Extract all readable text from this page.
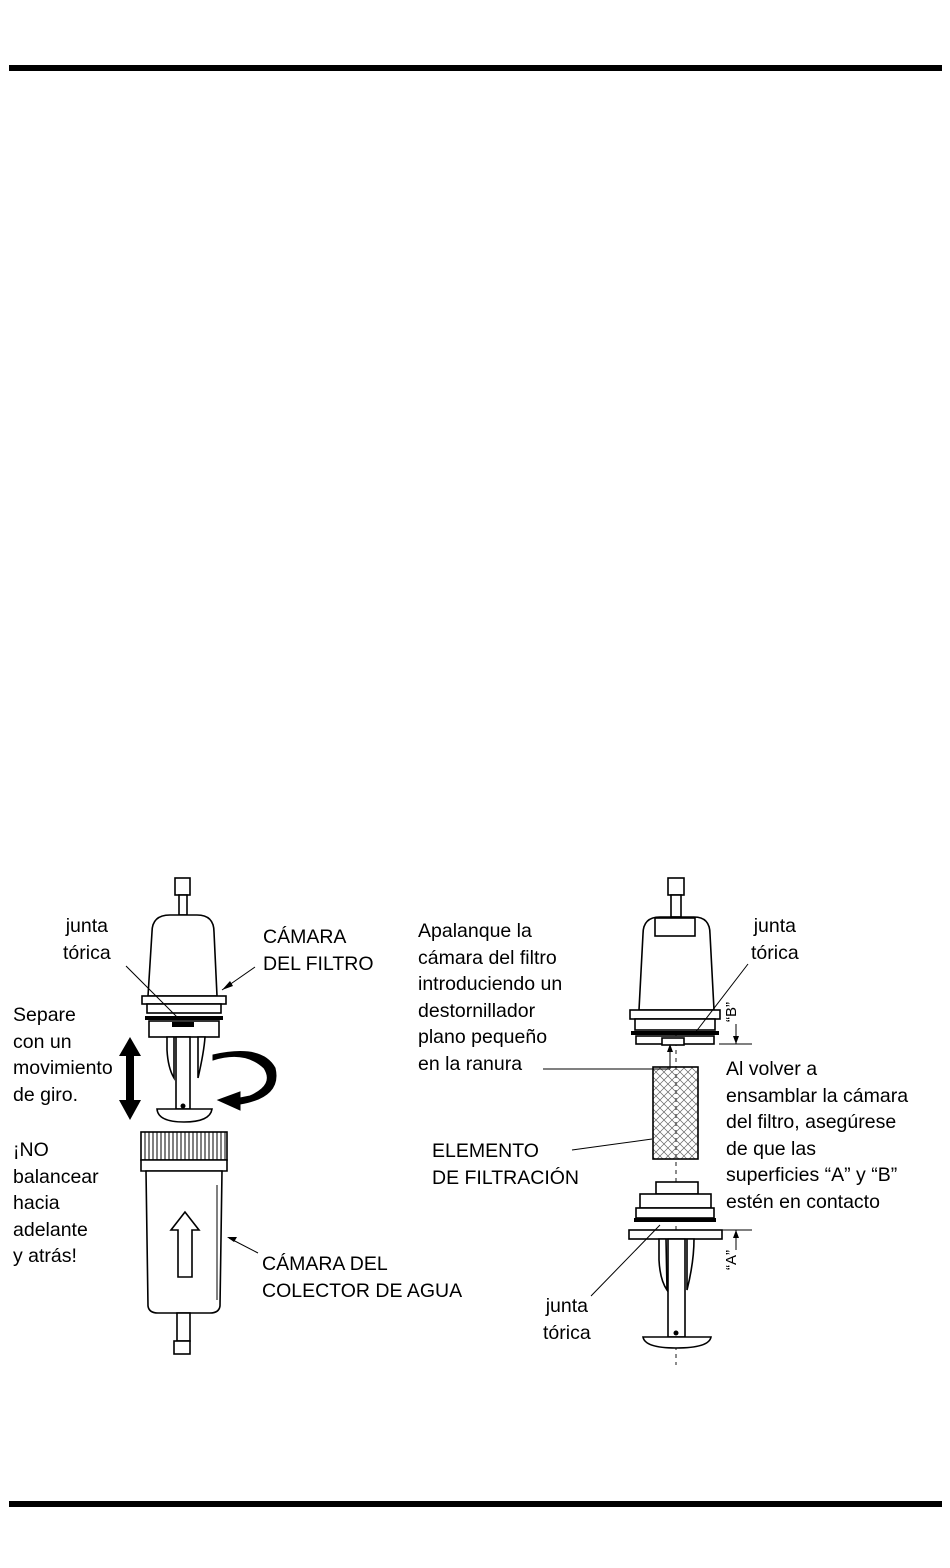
junta
tórica
CÁMARA
DEL FILTRO
Separe
con un
movimiento
de giro.
¡NO
balancear
hacia
adelante
y atrás!	CÁMARA DEL
COLECTOR DE AGUA
Apalanque la
cámara del filtro
introduciendo un
destornillador
plano pequeño
en la ranura
junta
tórica
Al volver a
ensamblar la cámara
del filtro, asegúrese
de que las
superficies “A” y “B”
estén en contacto
ELEMENTO
DE FILTRACIÓN
junta
tórica
“B”
“A”
